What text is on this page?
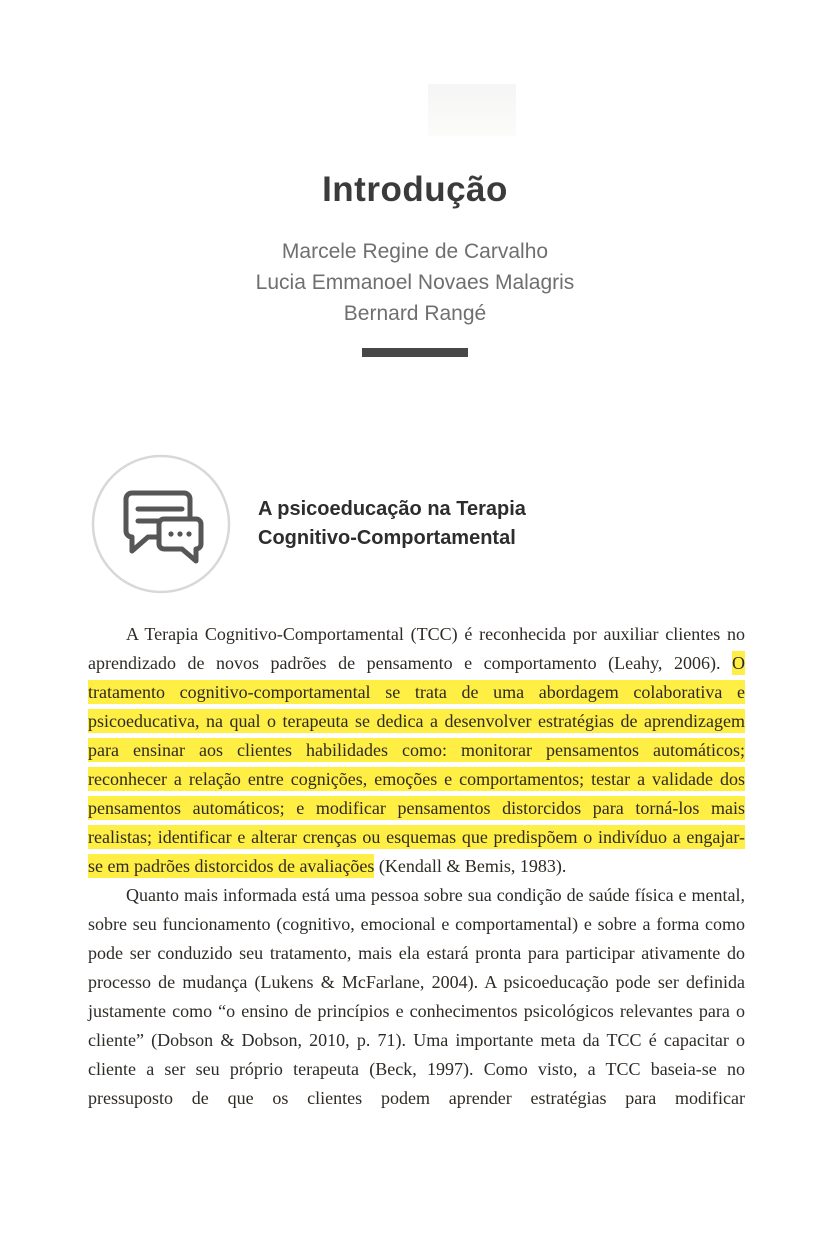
Introdução
Marcele Regine de Carvalho
Lucia Emmanoel Novaes Malagris
Bernard Rangé
A psicoeducação na Terapia
Cognitivo-Comportamental

A Terapia Cognitivo-Comportamental (TCC) é reconhecida por auxiliar clientes no aprendizado de novos padrões de pensamento e comportamento (Leahy, 2006). O tratamento cognitivo-comportamental se trata de uma abordagem colaborativa e psicoeducativa, na qual o terapeuta se dedica a desenvolver estratégias de aprendizagem para ensinar aos clientes habilidades como: monitorar pensamentos automáticos; reconhecer a relação entre cognições, emoções e comportamentos; testar a validade dos pensamentos automáticos; e modificar pensamentos distorcidos para torná-los mais realistas; identificar e alterar crenças ou esquemas que predispõem o indivíduo a engajar-se em padrões distorcidos de avaliações (Kendall & Bemis, 1983).

Quanto mais informada está uma pessoa sobre sua condição de saúde física e mental, sobre seu funcionamento (cognitivo, emocional e comportamental) e sobre a forma como pode ser conduzido seu tratamento, mais ela estará pronta para participar ativamente do processo de mudança (Lukens & McFarlane, 2004). A psicoeducação pode ser definida justamente como “o ensino de princípios e conhecimentos psicológicos relevantes para o cliente” (Dobson & Dobson, 2010, p. 71). Uma importante meta da TCC é capacitar o cliente a ser seu próprio terapeuta (Beck, 1997). Como visto, a TCC baseia-se no pressuposto de que os clientes podem aprender estratégias para modificar
